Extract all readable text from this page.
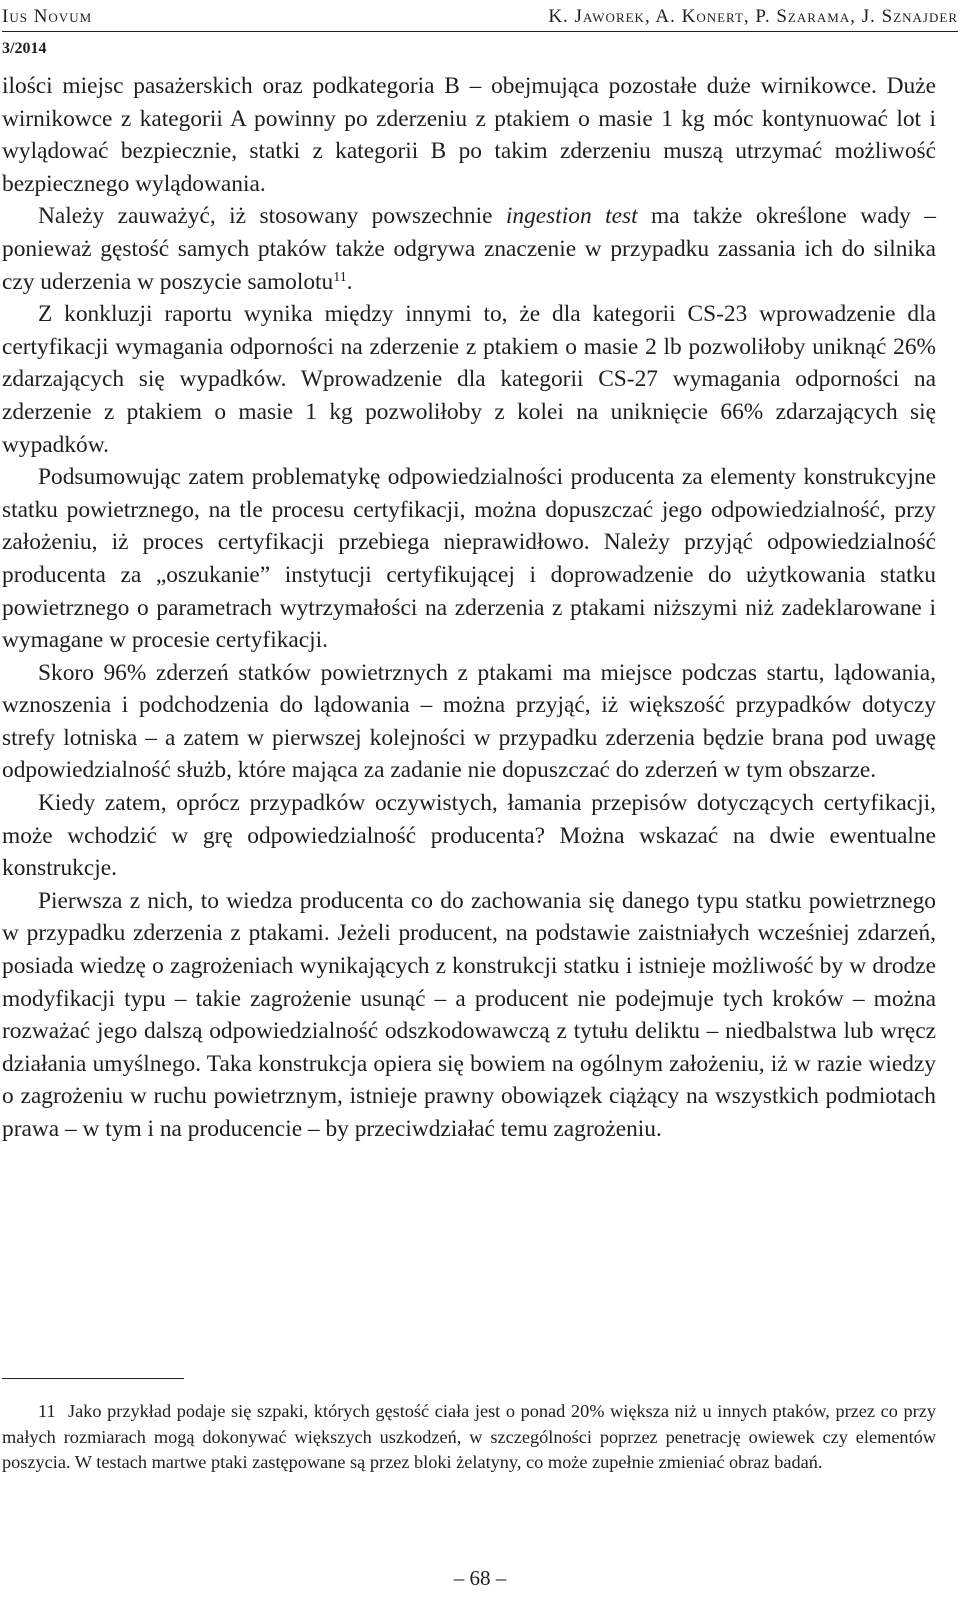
Ius Novum	K. Jaworek, A. Konert, P. Szarama, J. Sznajder
3/2014

ilości miejsc pasażerskich oraz podkategoria B – obejmująca pozostałe duże wirnikowce. Duże wirnikowce z kategorii A powinny po zderzeniu z ptakiem o masie 1 kg móc kontynuować lot i wylądować bezpiecznie, statki z kategorii B po takim zderzeniu muszą utrzymać możliwość bezpiecznego wylądowania.

Należy zauważyć, iż stosowany powszechnie ingestion test ma także określone wady – ponieważ gęstość samych ptaków także odgrywa znaczenie w przypadku zassania ich do silnika czy uderzenia w poszycie samolotu$^{11}$.

Z konkluzji raportu wynika między innymi to, że dla kategorii CS-23 wprowadzenie dla certyfikacji wymagania odporności na zderzenie z ptakiem o masie 2 lb pozwoliłoby uniknąć 26% zdarzających się wypadków. Wprowadzenie dla kategorii CS-27 wymagania odporności na zderzenie z ptakiem o masie 1 kg pozwoliłoby z kolei na uniknięcie 66% zdarzających się wypadków.

Podsumowując zatem problematykę odpowiedzialności producenta za elementy konstrukcyjne statku powietrznego, na tle procesu certyfikacji, można dopuszczać jego odpowiedzialność, przy założeniu, iż proces certyfikacji przebiega nieprawidłowo. Należy przyjąć odpowiedzialność producenta za „oszukanie” instytucji certyfikującej i doprowadzenie do użytkowania statku powietrznego o parametrach wytrzymałości na zderzenia z ptakami niższymi niż zadeklarowane i wymagane w procesie certyfikacji.

Skoro 96% zderzeń statków powietrznych z ptakami ma miejsce podczas startu, lądowania, wznoszenia i podchodzenia do lądowania – można przyjąć, iż większość przypadków dotyczy strefy lotniska – a zatem w pierwszej kolejności w przypadku zderzenia będzie brana pod uwagę odpowiedzialność służb, które mająca za zadanie nie dopuszczać do zderzeń w tym obszarze.

Kiedy zatem, oprócz przypadków oczywistych, łamania przepisów dotyczących certyfikacji, może wchodzić w grę odpowiedzialność producenta? Można wskazać na dwie ewentualne konstrukcje.

Pierwsza z nich, to wiedza producenta co do zachowania się danego typu statku powietrznego w przypadku zderzenia z ptakami. Jeżeli producent, na podstawie zaistniałych wcześniej zdarzeń, posiada wiedzę o zagrożeniach wynikających z konstrukcji statku i istnieje możliwość by w drodze modyfikacji typu – takie zagrożenie usunąć – a producent nie podejmuje tych kroków – można rozważać jego dalszą odpowiedzialność odszkodowawczą z tytułu deliktu – niedbalstwa lub wręcz działania umyślnego. Taka konstrukcja opiera się bowiem na ogólnym założeniu, iż w razie wiedzy o zagrożeniu w ruchu powietrznym, istnieje prawny obowiązek ciążący na wszystkich podmiotach prawa – w tym i na producencie – by przeciwdziałać temu zagrożeniu.

11 Jako przykład podaje się szpaki, których gęstość ciała jest o ponad 20% większa niż u innych ptaków, przez co przy małych rozmiarach mogą dokonywać większych uszkodzeń, w szczególności poprzez penetrację owiewek czy elementów poszycia. W testach martwe ptaki zastępowane są przez bloki żelatyny, co może zupełnie zmieniać obraz badań.

– 68 –
